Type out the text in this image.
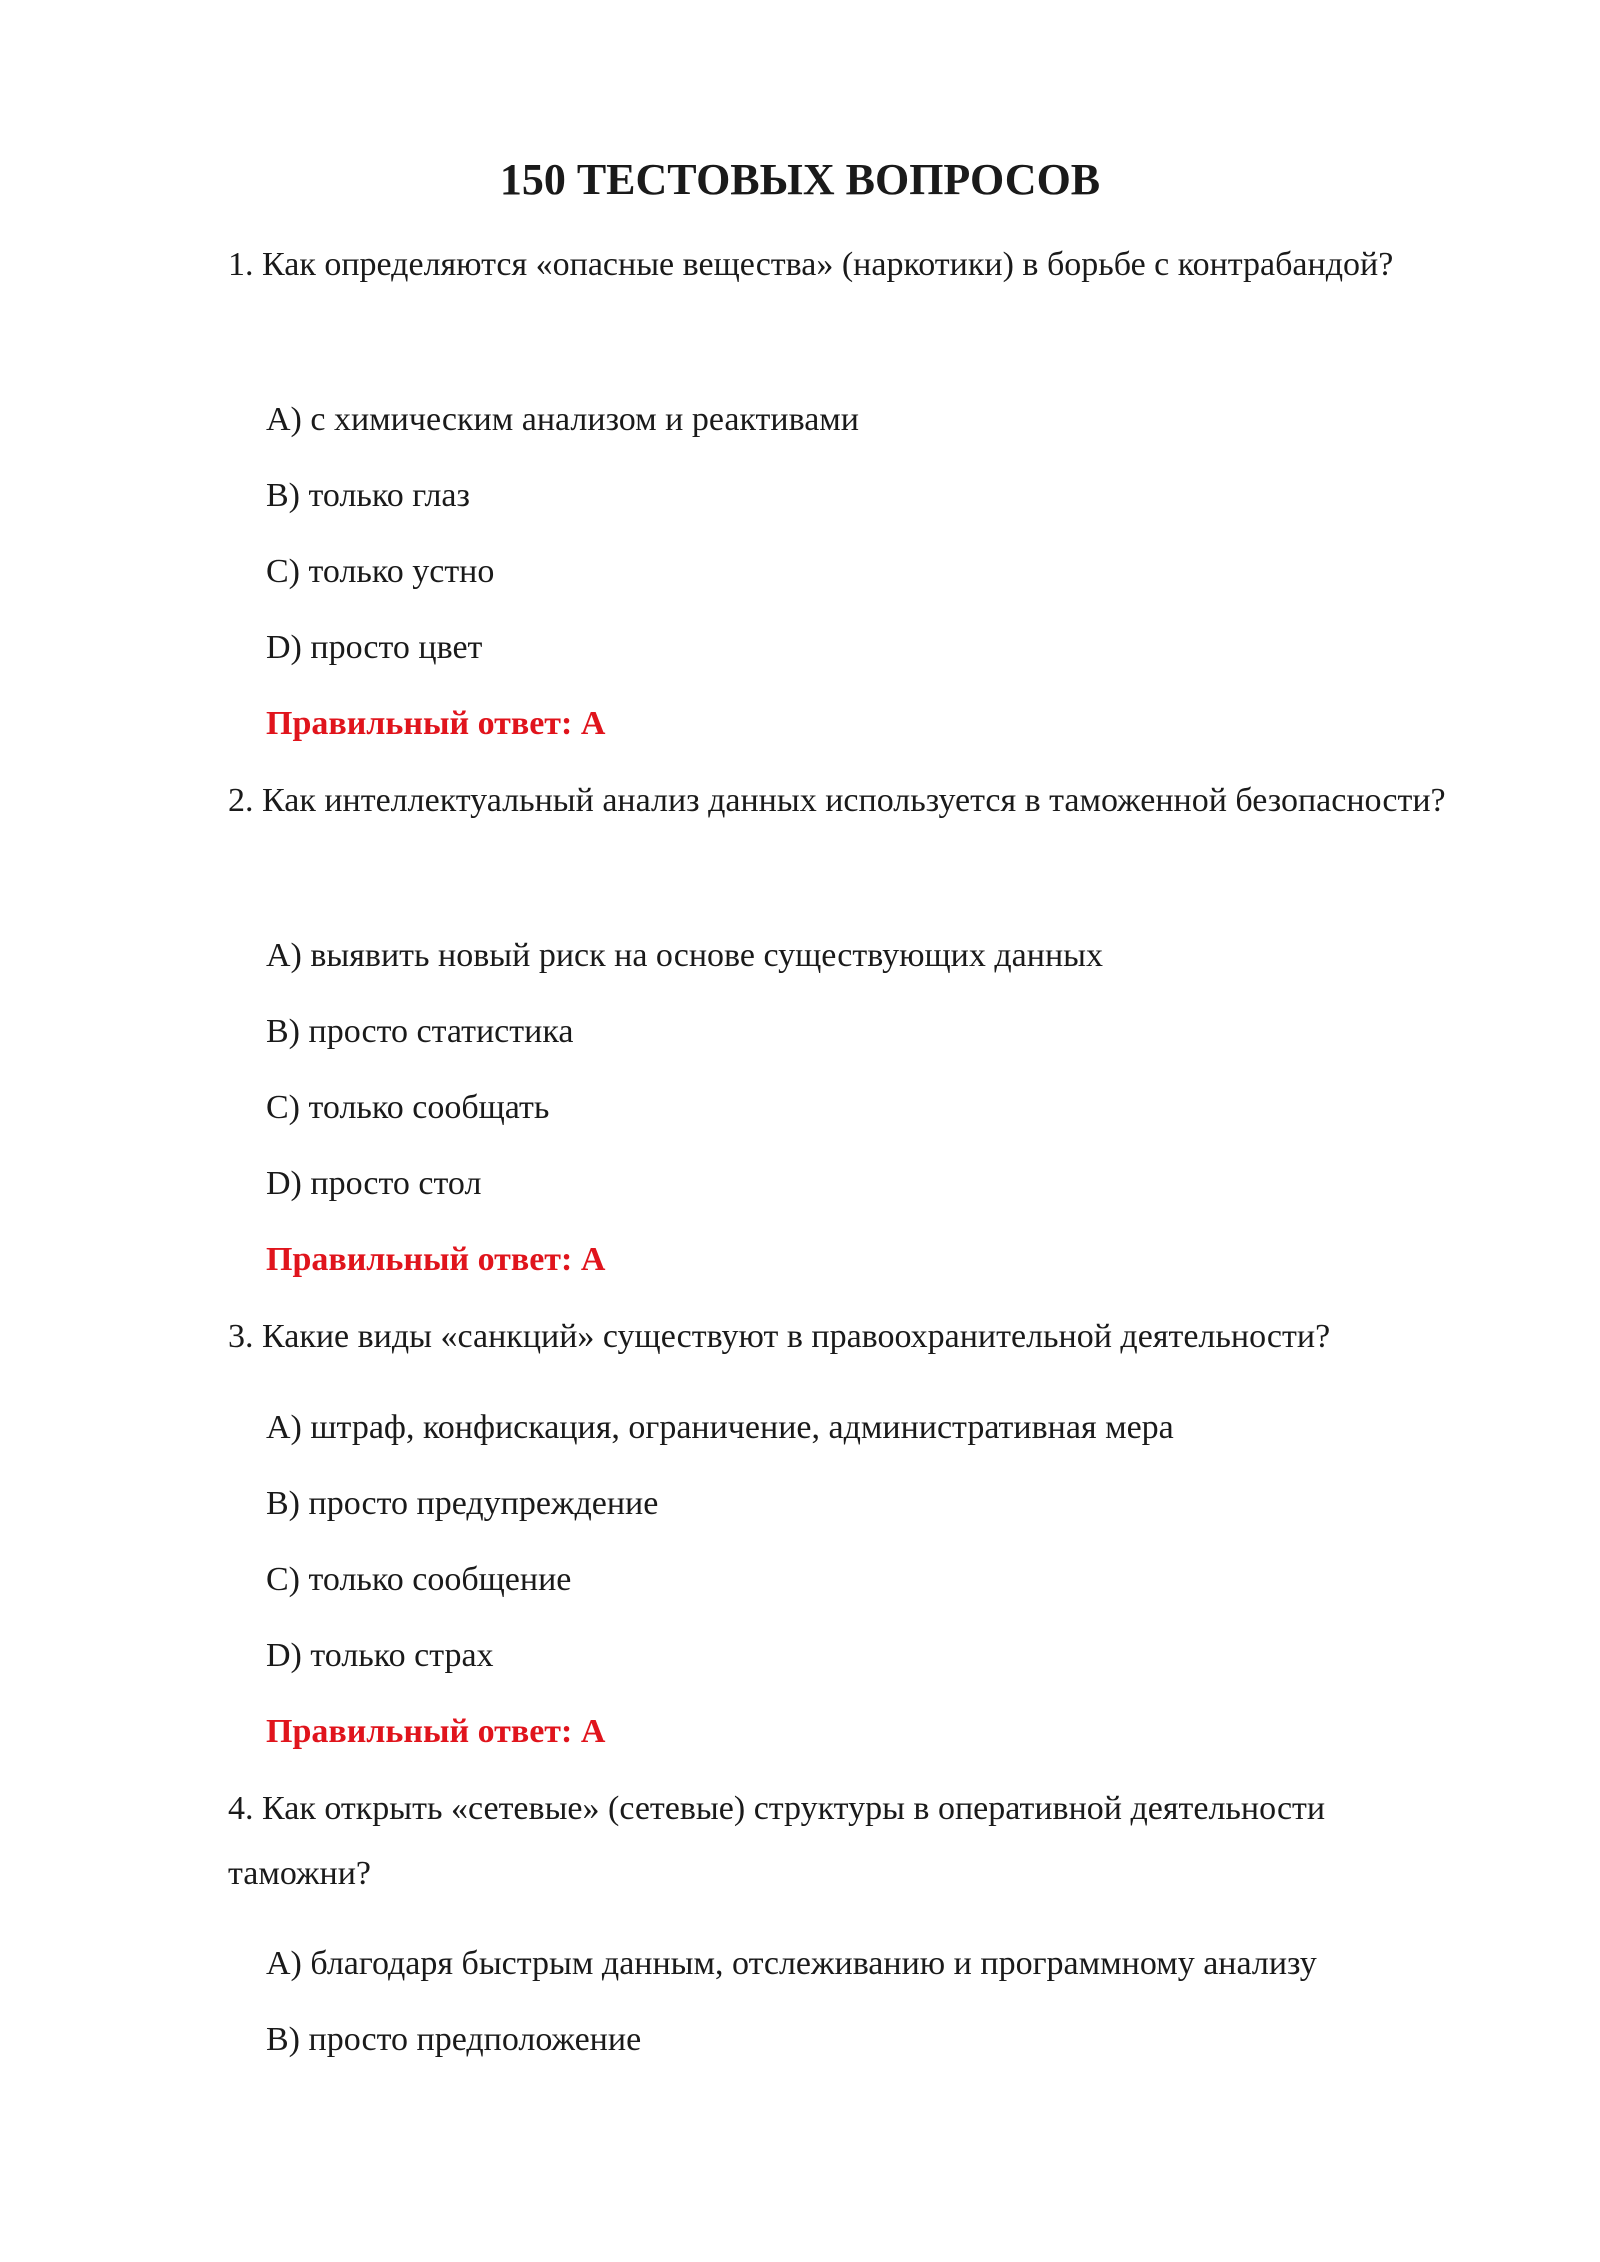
150 ТЕСТОВЫХ ВОПРОСОВ

1. Как определяются «опасные вещества» (наркотики) в борьбе с контрабандой?

A) с химическим анализом и реактивами

B) только глаз

C) только устно

D) просто цвет

Правильный ответ: A

2. Как интеллектуальный анализ данных используется в таможенной безопасности?

A) выявить новый риск на основе существующих данных

B) просто статистика

C) только сообщать

D) просто стол

Правильный ответ: A

3. Какие виды «санкций» существуют в правоохранительной деятельности?

A) штраф, конфискация, ограничение, административная мера

B) просто предупреждение

C) только сообщение

D) только страх

Правильный ответ: A

4. Как открыть «сетевые» (сетевые) структуры в оперативной деятельности таможни?

A) благодаря быстрым данным, отслеживанию и программному анализу

B) просто предположение
